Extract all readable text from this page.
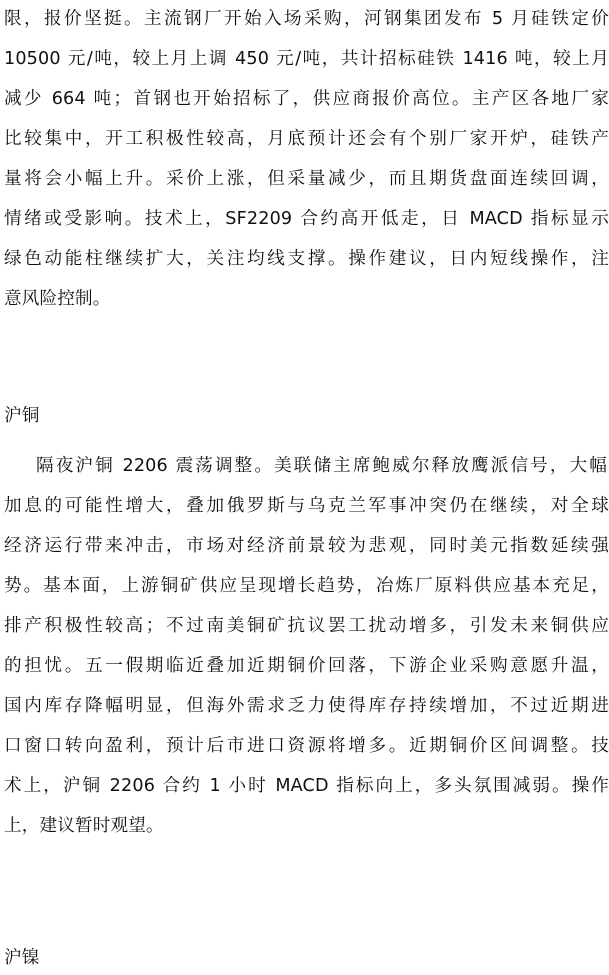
限，报价坚挺。主流钢厂开始入场采购，河钢集团发布 5 月硅铁定价
10500 元/吨，较上月上调 450 元/吨，共计招标硅铁 1416 吨，较上月
减少 664 吨；首钢也开始招标了，供应商报价高位。主产区各地厂家
比较集中，开工积极性较高，月底预计还会有个别厂家开炉，硅铁产
量将会小幅上升。采价上涨，但采量减少，而且期货盘面连续回调，
情绪或受影响。技术上，SF2209 合约高开低走，日 MACD 指标显示
绿色动能柱继续扩大，关注均线支撑。操作建议，日内短线操作，注
意风险控制。
沪铜
隔夜沪铜 2206 震荡调整。美联储主席鲍威尔释放鹰派信号，大幅
加息的可能性增大，叠加俄罗斯与乌克兰军事冲突仍在继续，对全球
经济运行带来冲击，市场对经济前景较为悲观，同时美元指数延续强
势。基本面，上游铜矿供应呈现增长趋势，冶炼厂原料供应基本充足，
排产积极性较高；不过南美铜矿抗议罢工扰动增多，引发未来铜供应
的担忧。五一假期临近叠加近期铜价回落，下游企业采购意愿升温，
国内库存降幅明显，但海外需求乏力使得库存持续增加，不过近期进
口窗口转向盈利，预计后市进口资源将增多。近期铜价区间调整。技
术上，沪铜 2206 合约 1 小时 MACD 指标向上，多头氛围减弱。操作
上，建议暂时观望。
沪镍
